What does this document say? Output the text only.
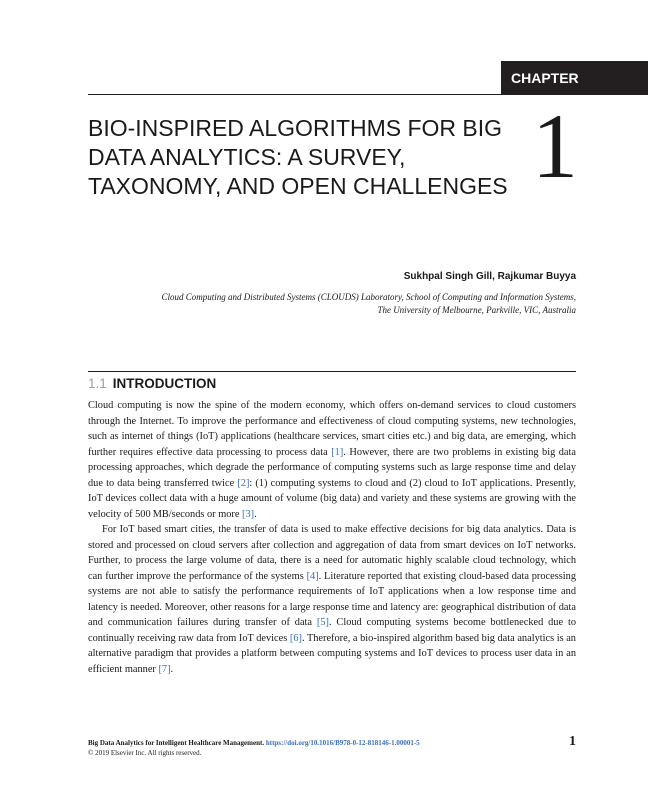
CHAPTER
BIO-INSPIRED ALGORITHMS FOR BIG DATA ANALYTICS: A SURVEY, TAXONOMY, AND OPEN CHALLENGES 1
Sukhpal Singh Gill, Rajkumar Buyya
Cloud Computing and Distributed Systems (CLOUDS) Laboratory, School of Computing and Information Systems,
The University of Melbourne, Parkville, VIC, Australia
1.1 INTRODUCTION

Cloud computing is now the spine of the modern economy, which offers on-demand services to cloud customers through the Internet. To improve the performance and effectiveness of cloud computing systems, new technologies, such as internet of things (IoT) applications (healthcare services, smart cities etc.) and big data, are emerging, which further requires effective data processing to process data [1]. However, there are two problems in existing big data processing approaches, which degrade the performance of computing systems such as large response time and delay due to data being transferred twice [2]: (1) computing systems to cloud and (2) cloud to IoT applications. Presently, IoT devices collect data with a huge amount of volume (big data) and variety and these systems are growing with the velocity of 500 MB/seconds or more [3].

For IoT based smart cities, the transfer of data is used to make effective decisions for big data analytics. Data is stored and processed on cloud servers after collection and aggregation of data from smart devices on IoT networks. Further, to process the large volume of data, there is a need for automatic highly scalable cloud technology, which can further improve the performance of the systems [4]. Literature reported that existing cloud-based data processing systems are not able to satisfy the performance requirements of IoT applications when a low response time and latency is needed. Moreover, other reasons for a large response time and latency are: geographical distribution of data and communication failures during transfer of data [5]. Cloud computing systems become bottlenecked due to continually receiving raw data from IoT devices [6]. Therefore, a bio-inspired algorithm based big data analytics is an alternative paradigm that provides a platform between computing systems and IoT devices to process user data in an efficient manner [7].

Big Data Analytics for Intelligent Healthcare Management. https://doi.org/10.1016/B978-0-12-818146-1.00001-5
© 2019 Elsevier Inc. All rights reserved.
1
